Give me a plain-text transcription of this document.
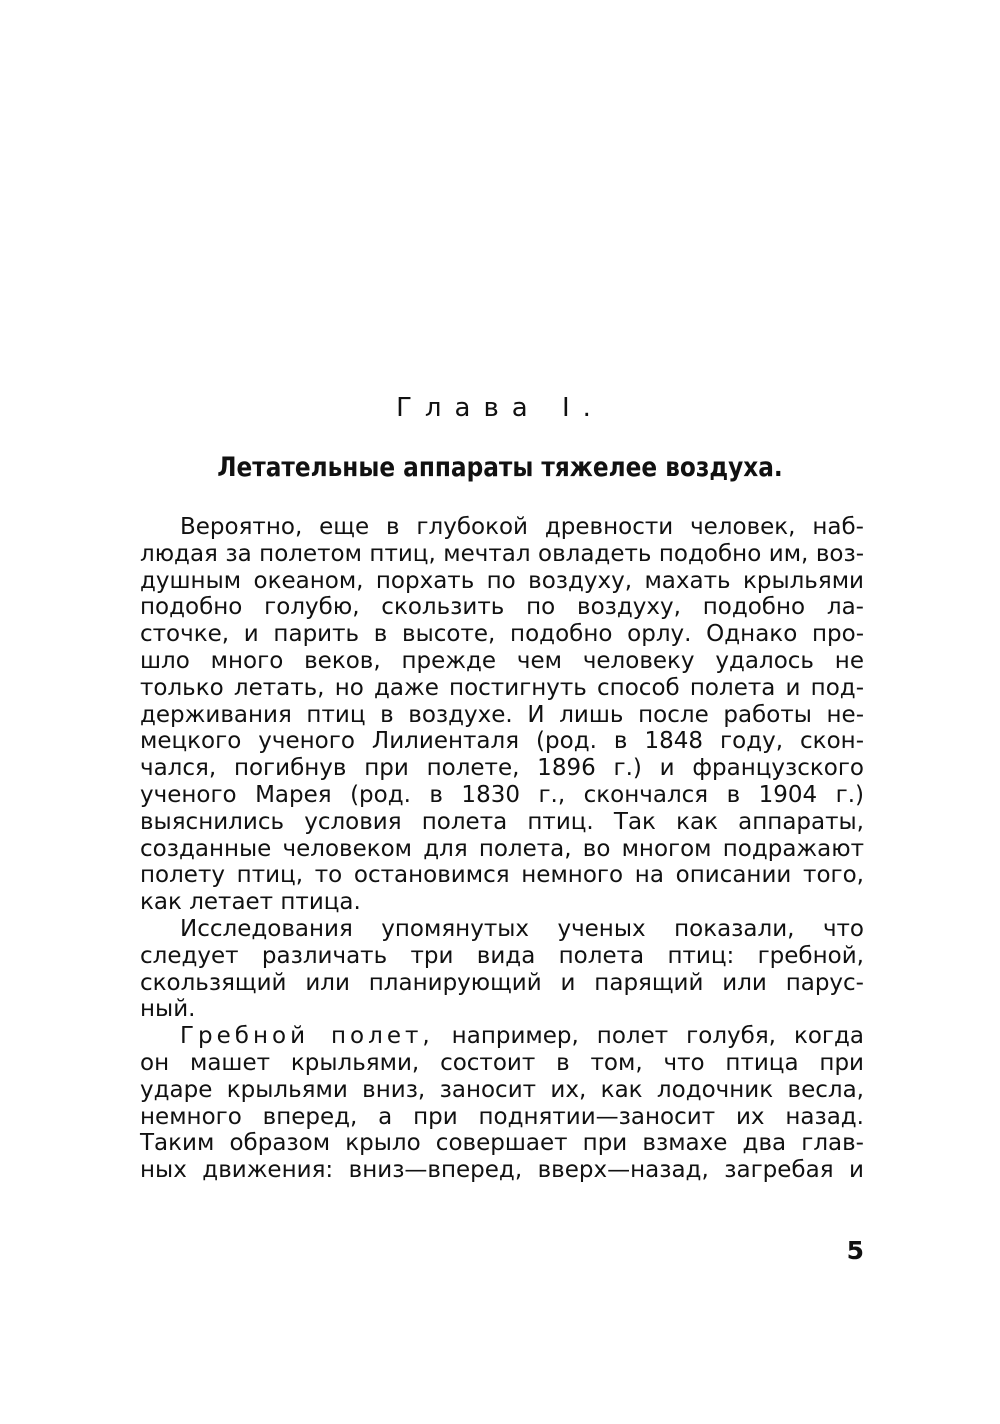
Глава I.
Летательные аппараты тяжелее воздуха.
Вероятно, еще в глубокой древности человек, наб-
людая за полетом птиц, мечтал овладеть подобно им, воз-
душным океаном, порхать по воздуху, махать крыльями
подобно голубю, скользить по воздуху, подобно ла-
сточке, и парить в высоте, подобно орлу. Однако про-
шло много веков, прежде чем человеку удалось не
только летать, но даже постигнуть способ полета и под-
держивания птиц в воздухе. И лишь после работы не-
мецкого ученого Лилиенталя (род. в 1848 году, скон-
чался, погибнув при полете, 1896 г.) и французского
ученого Марея (род. в 1830 г., скончался в 1904 г.)
выяснились условия полета птиц. Так как аппараты,
созданные человеком для полета, во многом подражают
полету птиц, то остановимся немного на описании того,
как летает птица.
Исследования упомянутых ученых показали, что
следует различать три вида полета птиц: гребной,
скользящий или планирующий и парящий или парус-
ный.
Гребной полет, например, полет голубя, когда
он машет крыльями, состоит в том, что птица при
ударе крыльями вниз, заносит их, как лодочник весла,
немного вперед, а при поднятии—заносит их назад.
Таким образом крыло совершает при взмахе два глав-
ных движения: вниз—вперед, вверх—назад, загребая и
5
